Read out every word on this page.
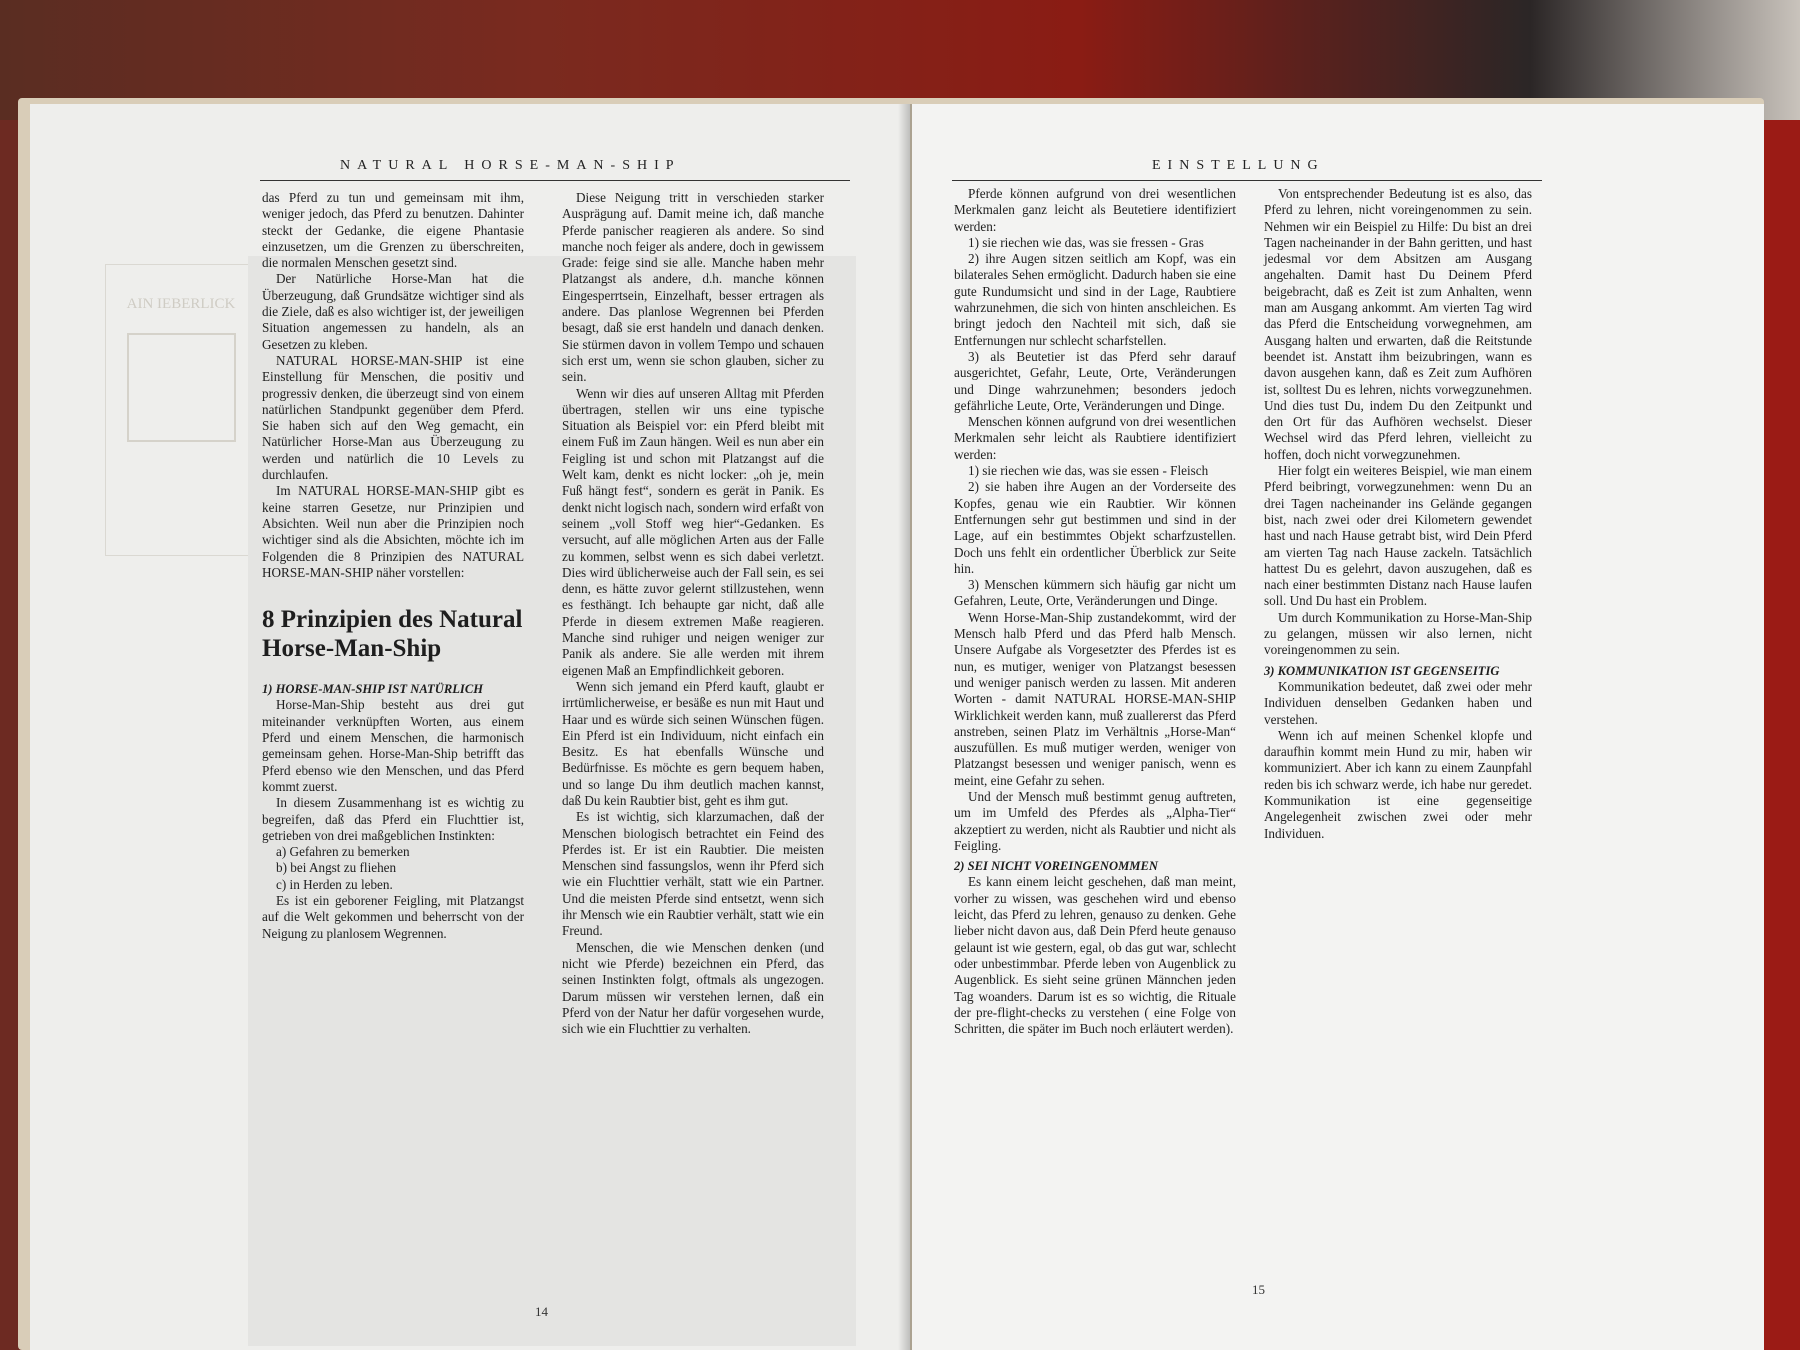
AIN IEBERLICK
NATURAL HORSE-MAN-SHIP

das Pferd zu tun und gemeinsam mit ihm, weniger jedoch, das Pferd zu benutzen. Dahinter steckt der Gedanke, die eigene Phantasie einzusetzen, um die Grenzen zu überschreiten, die normalen Menschen gesetzt sind.

Der Natürliche Horse-Man hat die Überzeugung, daß Grundsätze wichtiger sind als die Ziele, daß es also wichtiger ist, der jeweiligen Situation angemessen zu handeln, als an Gesetzen zu kleben.

NATURAL HORSE-MAN-SHIP ist eine Einstellung für Menschen, die positiv und progressiv denken, die überzeugt sind von einem natürlichen Standpunkt gegenüber dem Pferd. Sie haben sich auf den Weg gemacht, ein Natürlicher Horse-Man aus Überzeugung zu werden und natürlich die 10 Levels zu durchlaufen.

Im NATURAL HORSE-MAN-SHIP gibt es keine starren Gesetze, nur Prinzipien und Absichten. Weil nun aber die Prinzipien noch wichtiger sind als die Absichten, möchte ich im Folgenden die 8 Prinzipien des NATURAL HORSE-MAN-SHIP näher vorstellen:

8 Prinzipien des Natural Horse-Man-Ship

1) HORSE-MAN-SHIP IST NATÜRLICH

Horse-Man-Ship besteht aus drei gut miteinander verknüpften Worten, aus einem Pferd und einem Menschen, die harmonisch gemeinsam gehen. Horse-Man-Ship betrifft das Pferd ebenso wie den Menschen, und das Pferd kommt zuerst.

In diesem Zusammenhang ist es wichtig zu begreifen, daß das Pferd ein Fluchttier ist, getrieben von drei maßgeblichen Instinkten:

a) Gefahren zu bemerken

b) bei Angst zu fliehen

c) in Herden zu leben.

Es ist ein geborener Feigling, mit Platzangst auf die Welt gekommen und beherrscht von der Neigung zu planlosem Wegrennen.

Diese Neigung tritt in verschieden starker Ausprägung auf. Damit meine ich, daß manche Pferde panischer reagieren als andere. So sind manche noch feiger als andere, doch in gewissem Grade: feige sind sie alle. Manche haben mehr Platzangst als andere, d.h. manche können Eingesperrtsein, Einzelhaft, besser ertragen als andere. Das planlose Wegrennen bei Pferden besagt, daß sie erst handeln und danach denken. Sie stürmen davon in vollem Tempo und schauen sich erst um, wenn sie schon glauben, sicher zu sein.

Wenn wir dies auf unseren Alltag mit Pferden übertragen, stellen wir uns eine typische Situation als Beispiel vor: ein Pferd bleibt mit einem Fuß im Zaun hängen. Weil es nun aber ein Feigling ist und schon mit Platzangst auf die Welt kam, denkt es nicht locker: „oh je, mein Fuß hängt fest“, sondern es gerät in Panik. Es denkt nicht logisch nach, sondern wird erfaßt von seinem „voll Stoff weg hier“-Gedanken. Es versucht, auf alle möglichen Arten aus der Falle zu kommen, selbst wenn es sich dabei verletzt. Dies wird üblicherweise auch der Fall sein, es sei denn, es hätte zuvor gelernt stillzustehen, wenn es festhängt. Ich behaupte gar nicht, daß alle Pferde in diesem extremen Maße reagieren. Manche sind ruhiger und neigen weniger zur Panik als andere. Sie alle werden mit ihrem eigenen Maß an Empfindlichkeit geboren.

Wenn sich jemand ein Pferd kauft, glaubt er irrtümlicherweise, er besäße es nun mit Haut und Haar und es würde sich seinen Wünschen fügen. Ein Pferd ist ein Individuum, nicht einfach ein Besitz. Es hat ebenfalls Wünsche und Bedürfnisse. Es möchte es gern bequem haben, und so lange Du ihm deutlich machen kannst, daß Du kein Raubtier bist, geht es ihm gut.

Es ist wichtig, sich klarzumachen, daß der Menschen biologisch betrachtet ein Feind des Pferdes ist. Er ist ein Raubtier. Die meisten Menschen sind fassungslos, wenn ihr Pferd sich wie ein Fluchttier verhält, statt wie ein Partner. Und die meisten Pferde sind entsetzt, wenn sich ihr Mensch wie ein Raubtier verhält, statt wie ein Freund.

Menschen, die wie Menschen denken (und nicht wie Pferde) bezeichnen ein Pferd, das seinen Instinkten folgt, oftmals als ungezogen. Darum müssen wir verstehen lernen, daß ein Pferd von der Natur her dafür vorgesehen wurde, sich wie ein Fluchttier zu verhalten.

14
EINSTELLUNG

Pferde können aufgrund von drei wesentlichen Merkmalen ganz leicht als Beutetiere identifiziert werden:

1) sie riechen wie das, was sie fressen - Gras

2) ihre Augen sitzen seitlich am Kopf, was ein bilaterales Sehen ermöglicht. Dadurch haben sie eine gute Rundumsicht und sind in der Lage, Raubtiere wahrzunehmen, die sich von hinten anschleichen. Es bringt jedoch den Nachteil mit sich, daß sie Entfernungen nur schlecht scharfstellen.

3) als Beutetier ist das Pferd sehr darauf ausgerichtet, Gefahr, Leute, Orte, Veränderungen und Dinge wahrzunehmen; besonders jedoch gefährliche Leute, Orte, Veränderungen und Dinge.

Menschen können aufgrund von drei wesentlichen Merkmalen sehr leicht als Raubtiere identifiziert werden:

1) sie riechen wie das, was sie essen - Fleisch

2) sie haben ihre Augen an der Vorderseite des Kopfes, genau wie ein Raubtier. Wir können Entfernungen sehr gut bestimmen und sind in der Lage, auf ein bestimmtes Objekt scharfzustellen. Doch uns fehlt ein ordentlicher Überblick zur Seite hin.

3) Menschen kümmern sich häufig gar nicht um Gefahren, Leute, Orte, Veränderungen und Dinge.

Wenn Horse-Man-Ship zustandekommt, wird der Mensch halb Pferd und das Pferd halb Mensch. Unsere Aufgabe als Vorgesetzter des Pferdes ist es nun, es mutiger, weniger von Platzangst besessen und weniger panisch werden zu lassen. Mit anderen Worten - damit NATURAL HORSE-MAN-SHIP Wirklichkeit werden kann, muß zuallererst das Pferd anstreben, seinen Platz im Verhältnis „Horse-Man“ auszufüllen. Es muß mutiger werden, weniger von Platzangst besessen und weniger panisch, wenn es meint, eine Gefahr zu sehen.

Und der Mensch muß bestimmt genug auftreten, um im Umfeld des Pferdes als „Alpha-Tier“ akzeptiert zu werden, nicht als Raubtier und nicht als Feigling.

2) SEI NICHT VOREINGENOMMEN

Es kann einem leicht geschehen, daß man meint, vorher zu wissen, was geschehen wird und ebenso leicht, das Pferd zu lehren, genauso zu denken. Gehe lieber nicht davon aus, daß Dein Pferd heute genauso gelaunt ist wie gestern, egal, ob das gut war, schlecht oder unbestimmbar. Pferde leben von Augenblick zu Augenblick. Es sieht seine grünen Männchen jeden Tag woanders. Darum ist es so wichtig, die Rituale der pre-flight-checks zu verstehen ( eine Folge von Schritten, die später im Buch noch erläutert werden).

Von entsprechender Bedeutung ist es also, das Pferd zu lehren, nicht voreingenommen zu sein. Nehmen wir ein Beispiel zu Hilfe: Du bist an drei Tagen nacheinander in der Bahn geritten, und hast jedesmal vor dem Absitzen am Ausgang angehalten. Damit hast Du Deinem Pferd beigebracht, daß es Zeit ist zum Anhalten, wenn man am Ausgang ankommt. Am vierten Tag wird das Pferd die Entscheidung vorwegnehmen, am Ausgang halten und erwarten, daß die Reitstunde beendet ist. Anstatt ihm beizubringen, wann es davon ausgehen kann, daß es Zeit zum Aufhören ist, solltest Du es lehren, nichts vorwegzunehmen. Und dies tust Du, indem Du den Zeitpunkt und den Ort für das Aufhören wechselst. Dieser Wechsel wird das Pferd lehren, vielleicht zu hoffen, doch nicht vorwegzunehmen.

Hier folgt ein weiteres Beispiel, wie man einem Pferd beibringt, vorwegzunehmen: wenn Du an drei Tagen nacheinander ins Gelände gegangen bist, nach zwei oder drei Kilometern gewendet hast und nach Hause getrabt bist, wird Dein Pferd am vierten Tag nach Hause zackeln. Tatsächlich hattest Du es gelehrt, davon auszugehen, daß es nach einer bestimmten Distanz nach Hause laufen soll. Und Du hast ein Problem.

Um durch Kommunikation zu Horse-Man-Ship zu gelangen, müssen wir also lernen, nicht voreingenommen zu sein.

3) KOMMUNIKATION IST GEGENSEITIG

Kommunikation bedeutet, daß zwei oder mehr Individuen denselben Gedanken haben und verstehen.

Wenn ich auf meinen Schenkel klopfe und daraufhin kommt mein Hund zu mir, haben wir kommuniziert. Aber ich kann zu einem Zaunpfahl reden bis ich schwarz werde, ich habe nur geredet. Kommunikation ist eine gegenseitige Angelegenheit zwischen zwei oder mehr Individuen.

15
